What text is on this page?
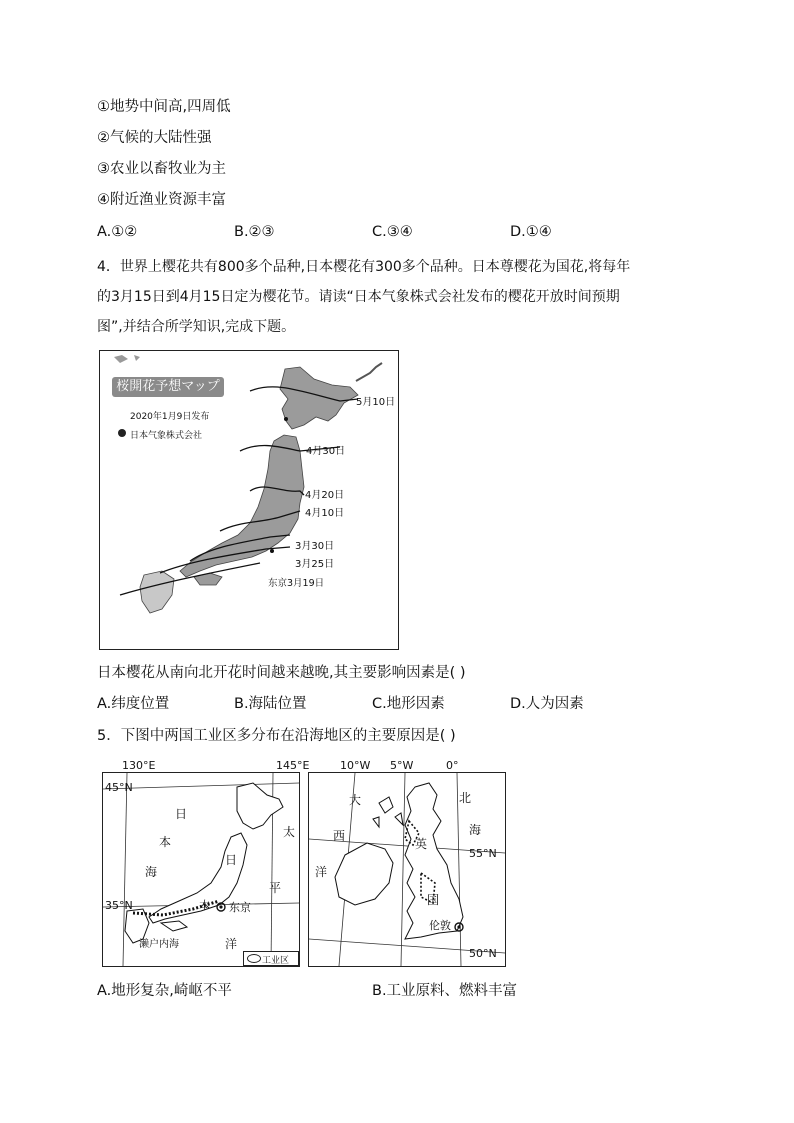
①地势中间高,四周低
②气候的大陆性强
③农业以畜牧业为主
④附近渔业资源丰富
A.①②	B.②③	C.③④	D.①④
4．世界上樱花共有800多个品种,日本樱花有300多个品种。日本尊樱花为国花,将每年
的3月15日到4月15日定为樱花节。请读“日本气象株式会社发布的樱花开放时间预期
图”,并结合所学知识,完成下题。
桜開花予想マップ
2020年1月9日发布
日本气象株式会社
5月10日
4月30日
4月20日
4月10日
3月30日
3月25日
东京3月19日
日本樱花从南向北开花时间越来越晚,其主要影响因素是( )
A.纬度位置	B.海陆位置	C.地形因素	D.人为因素
5．下图中两国工业区多分布在沿海地区的主要原因是( )
130°E	145°E
45°N
35°N
日
本
海
太
平
洋
日
本 东京
濑户内海
工业区
10°W 5°W	0°
大
西
洋
北
海
英
国
伦敦
55°N
50°N
A.地形复杂,崎岖不平	B.工业原料、燃料丰富
